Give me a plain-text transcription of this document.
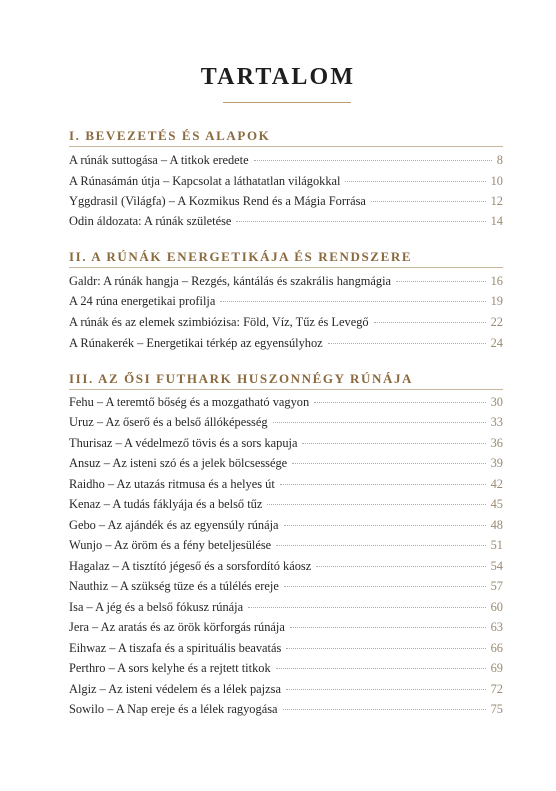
TARTALOM
I. BEVEZETÉS ÉS ALAPOK
A rúnák suttogása – A titkok eredete	8
A Rúnasámán útja – Kapcsolat a láthatatlan világokkal	10
Yggdrasil (Világfa) – A Kozmikus Rend és a Mágia Forrása	12
Odin áldozata: A rúnák születése	14
II. A RÚNÁK ENERGETIKÁJA ÉS RENDSZERE
Galdr: A rúnák hangja – Rezgés, kántálás és szakrális hangmágia	16
A 24 rúna energetikai profilja	19
A rúnák és az elemek szimbiózisa: Föld, Víz, Tűz és Levegő	22
A Rúnakerék – Energetikai térkép az egyensúlyhoz	24
III. AZ ŐSI FUTHARK HUSZONNÉGY RÚNÁJA
Fehu – A teremtő bőség és a mozgatható vagyon	30
Uruz – Az őserő és a belső állóképesség	33
Thurisaz – A védelmező tövis és a sors kapuja	36
Ansuz – Az isteni szó és a jelek bölcsessége	39
Raidho – Az utazás ritmusa és a helyes út	42
Kenaz – A tudás fáklyája és a belső tűz	45
Gebo – Az ajándék és az egyensúly rúnája	48
Wunjo – Az öröm és a fény beteljesülése	51
Hagalaz – A tisztító jégeső és a sorsfordító káosz	54
Nauthiz – A szükség tüze és a túlélés ereje	57
Isa – A jég és a belső fókusz rúnája	60
Jera – Az aratás és az örök körforgás rúnája	63
Eihwaz – A tiszafa és a spirituális beavatás	66
Perthro – A sors kelyhe és a rejtett titkok	69
Algiz – Az isteni védelem és a lélek pajzsa	72
Sowilo – A Nap ereje és a lélek ragyogása	75
